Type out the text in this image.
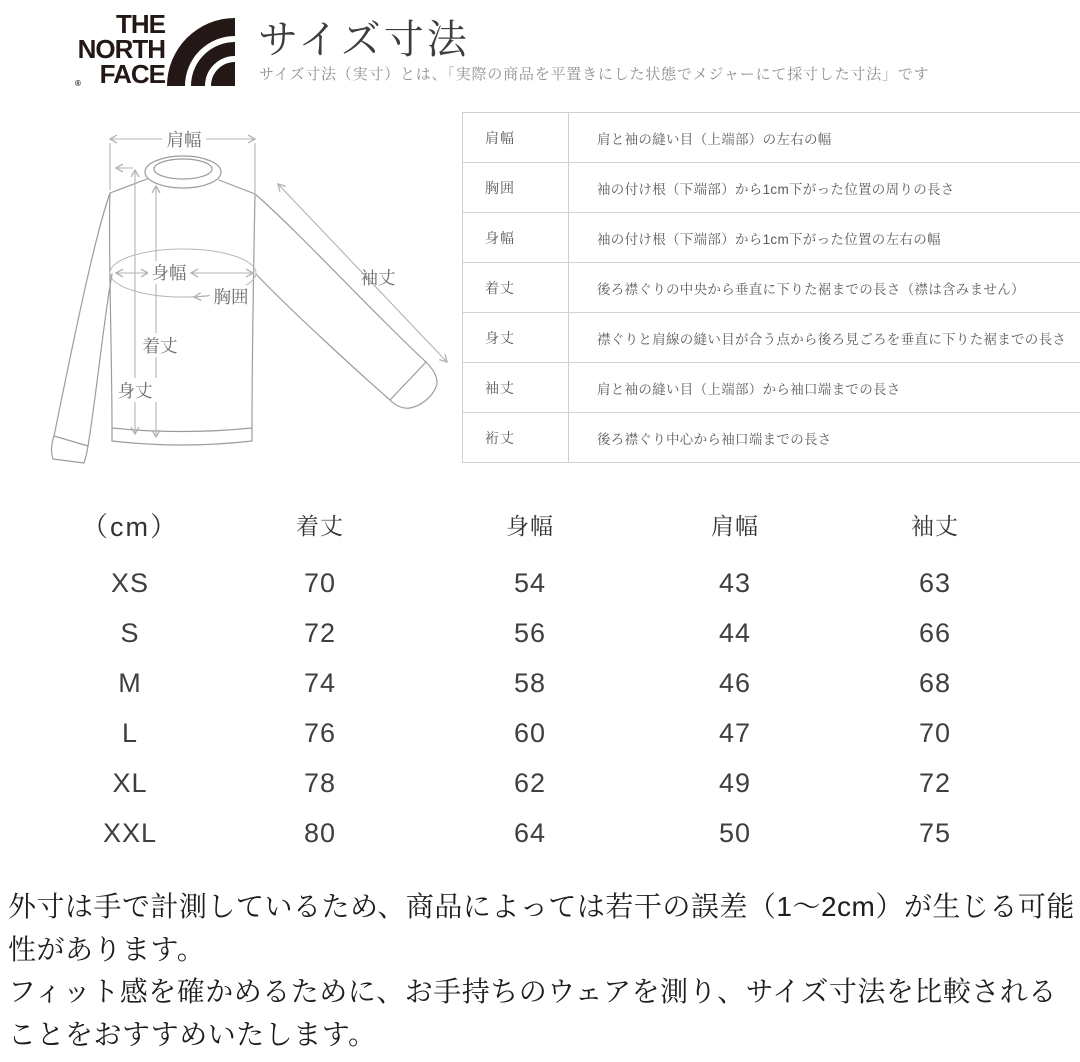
THE
NORTH
FACE
®
サイズ寸法
サイズ寸法（実寸）とは、「実際の商品を平置きにした状態でメジャーにて採寸した寸法」です
肩幅
身幅
胸囲
着丈
身丈
袖丈
肩幅	肩と袖の縫い目（上端部）の左右の幅
胸囲	袖の付け根（下端部）から1cm下がった位置の周りの長さ
身幅	袖の付け根（下端部）から1cm下がった位置の左右の幅
着丈	後ろ襟ぐりの中央から垂直に下りた裾までの長さ（襟は含みません）
身丈	襟ぐりと肩線の縫い目が合う点から後ろ見ごろを垂直に下りた裾までの長さ
袖丈	肩と袖の縫い目（上端部）から袖口端までの長さ
裄丈	後ろ襟ぐり中心から袖口端までの長さ
（cm）	着丈	身幅	肩幅	袖丈
XS	70	54	43	63
S	72	56	44	66
M	74	58	46	68
L	76	60	47	70
XL	78	62	49	72
XXL	80	64	50	75

外寸は手で計測しているため、商品によっては若干の誤差（1～2cm）が生じる可能性があります。

フィット感を確かめるために、お手持ちのウェアを測り、サイズ寸法を比較されることをおすすめいたします。
